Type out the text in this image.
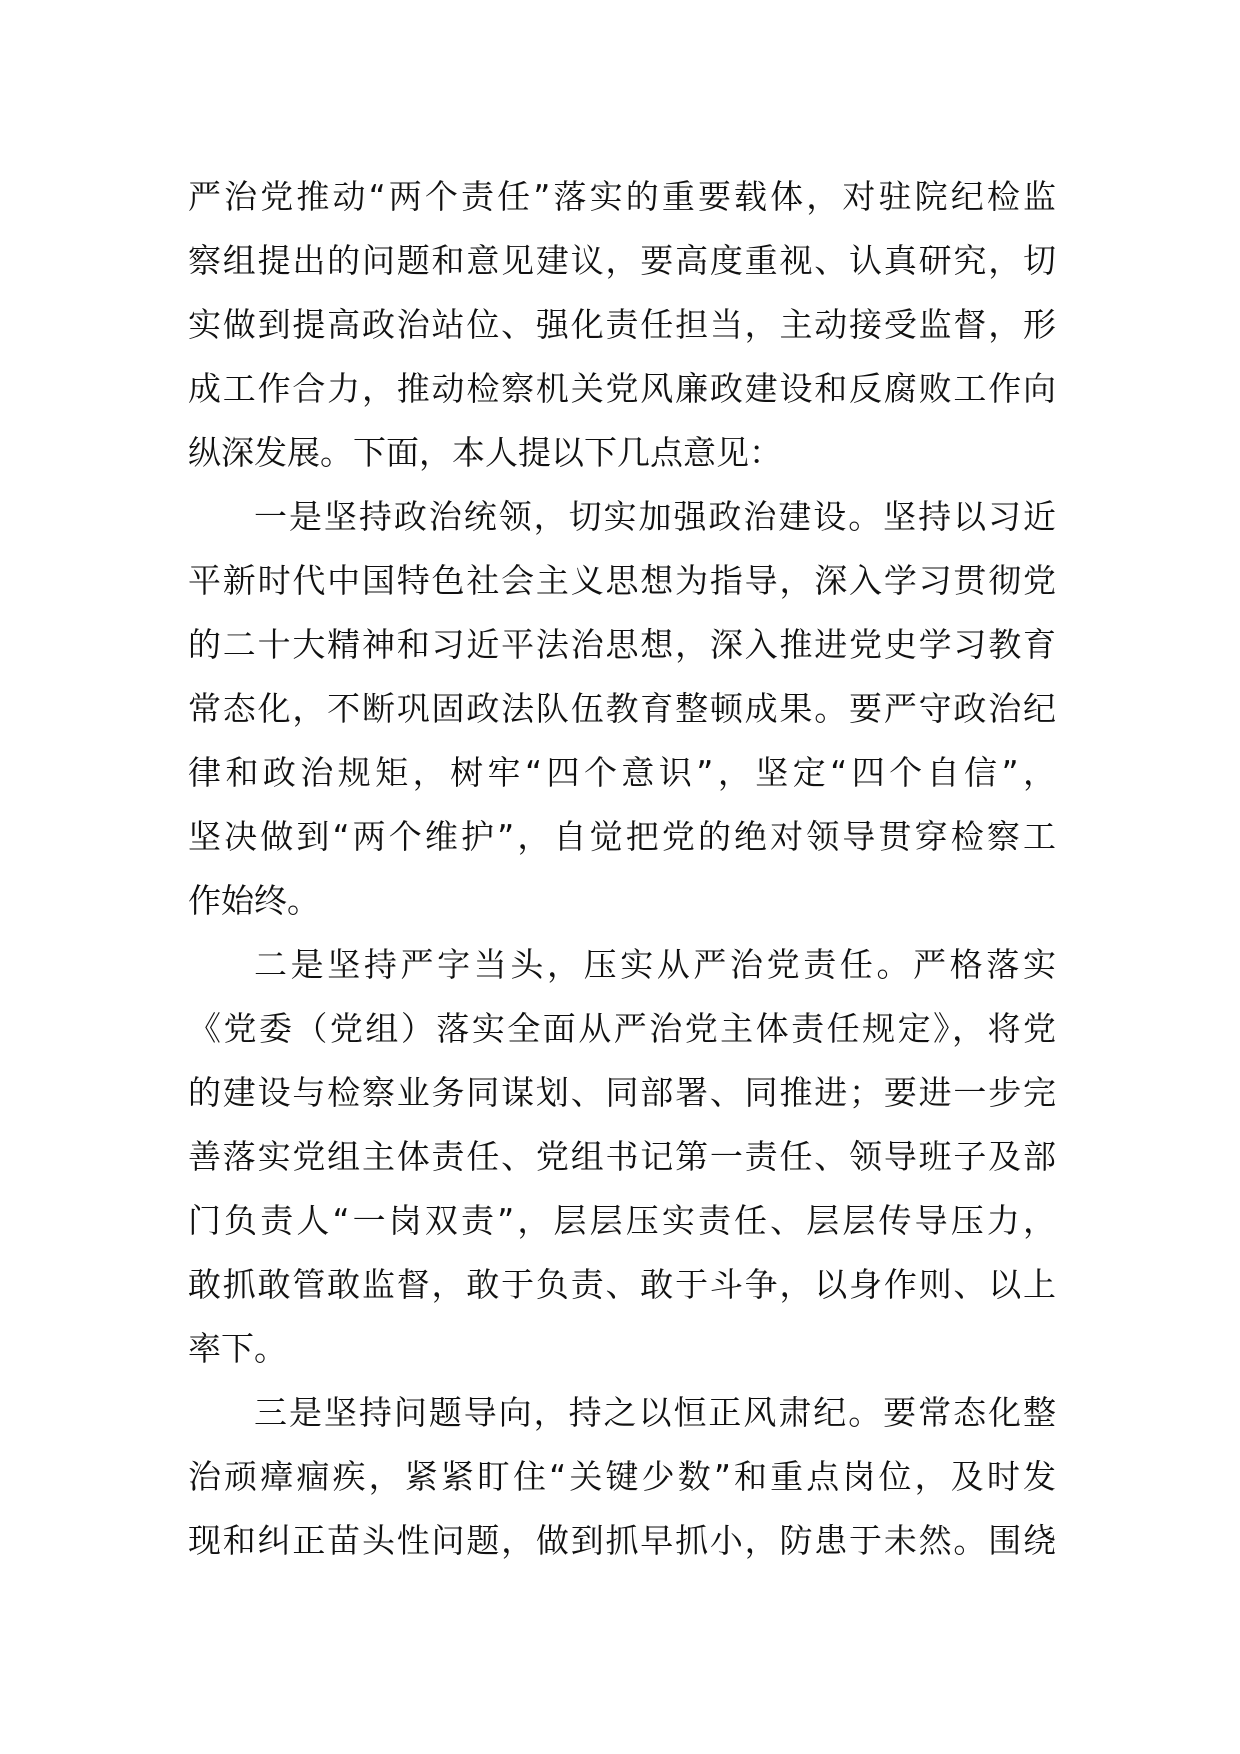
严治党推动“两个责任”落实的重要载体，对驻院纪检监
察组提出的问题和意见建议，要高度重视、认真研究，切
实做到提高政治站位、强化责任担当，主动接受监督，形
成工作合力，推动检察机关党风廉政建设和反腐败工作向
纵深发展。下面，本人提以下几点意见：
一是坚持政治统领，切实加强政治建设。坚持以习近
平新时代中国特色社会主义思想为指导，深入学习贯彻党
的二十大精神和习近平法治思想，深入推进党史学习教育
常态化，不断巩固政法队伍教育整顿成果。要严守政治纪
律和政治规矩，树牢“四个意识”，坚定“四个自信”，
坚决做到“两个维护”，自觉把党的绝对领导贯穿检察工
作始终。
二是坚持严字当头，压实从严治党责任。严格落实
《党委（党组）落实全面从严治党主体责任规定》，将党
的建设与检察业务同谋划、同部署、同推进；要进一步完
善落实党组主体责任、党组书记第一责任、领导班子及部
门负责人“一岗双责”，层层压实责任、层层传导压力，
敢抓敢管敢监督，敢于负责、敢于斗争，以身作则、以上
率下。
三是坚持问题导向，持之以恒正风肃纪。要常态化整
治顽瘴痼疾，紧紧盯住“关键少数”和重点岗位，及时发
现和纠正苗头性问题，做到抓早抓小，防患于未然。围绕
